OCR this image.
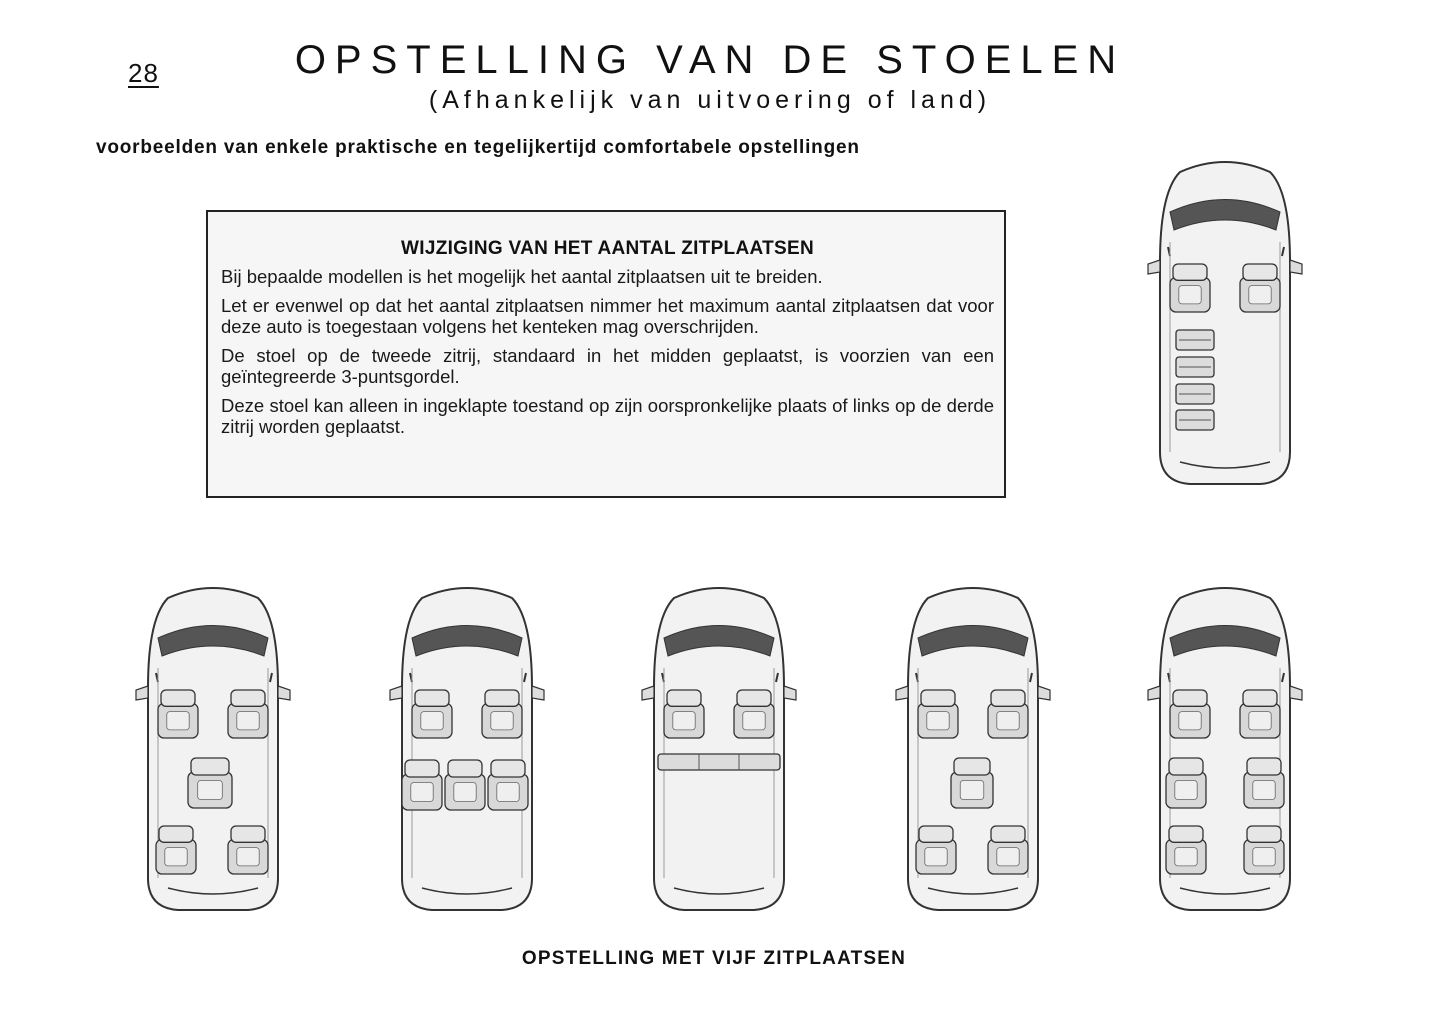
28	OPSTELLING VAN DE STOELEN
(Afhankelijk van uitvoering of land)
voorbeelden van enkele praktische en tegelijkertijd comfortabele opstellingen
WIJZIGING VAN HET AANTAL ZITPLAATSEN

Bij bepaalde modellen is het mogelijk het aantal zitplaatsen uit te breiden.

Let er evenwel op dat het aantal zitplaatsen nimmer het maximum aantal zitplaatsen dat voor deze auto is toegestaan volgens het kenteken mag overschrijden.

De stoel op de tweede zitrij, standaard in het midden geplaatst, is voorzien van een geïntegreerde 3-puntsgordel.

Deze stoel kan alleen in ingeklapte toestand op zijn oorspronkelijke plaats of links op de derde zitrij worden geplaatst.

OPSTELLING MET VIJF ZITPLAATSEN
